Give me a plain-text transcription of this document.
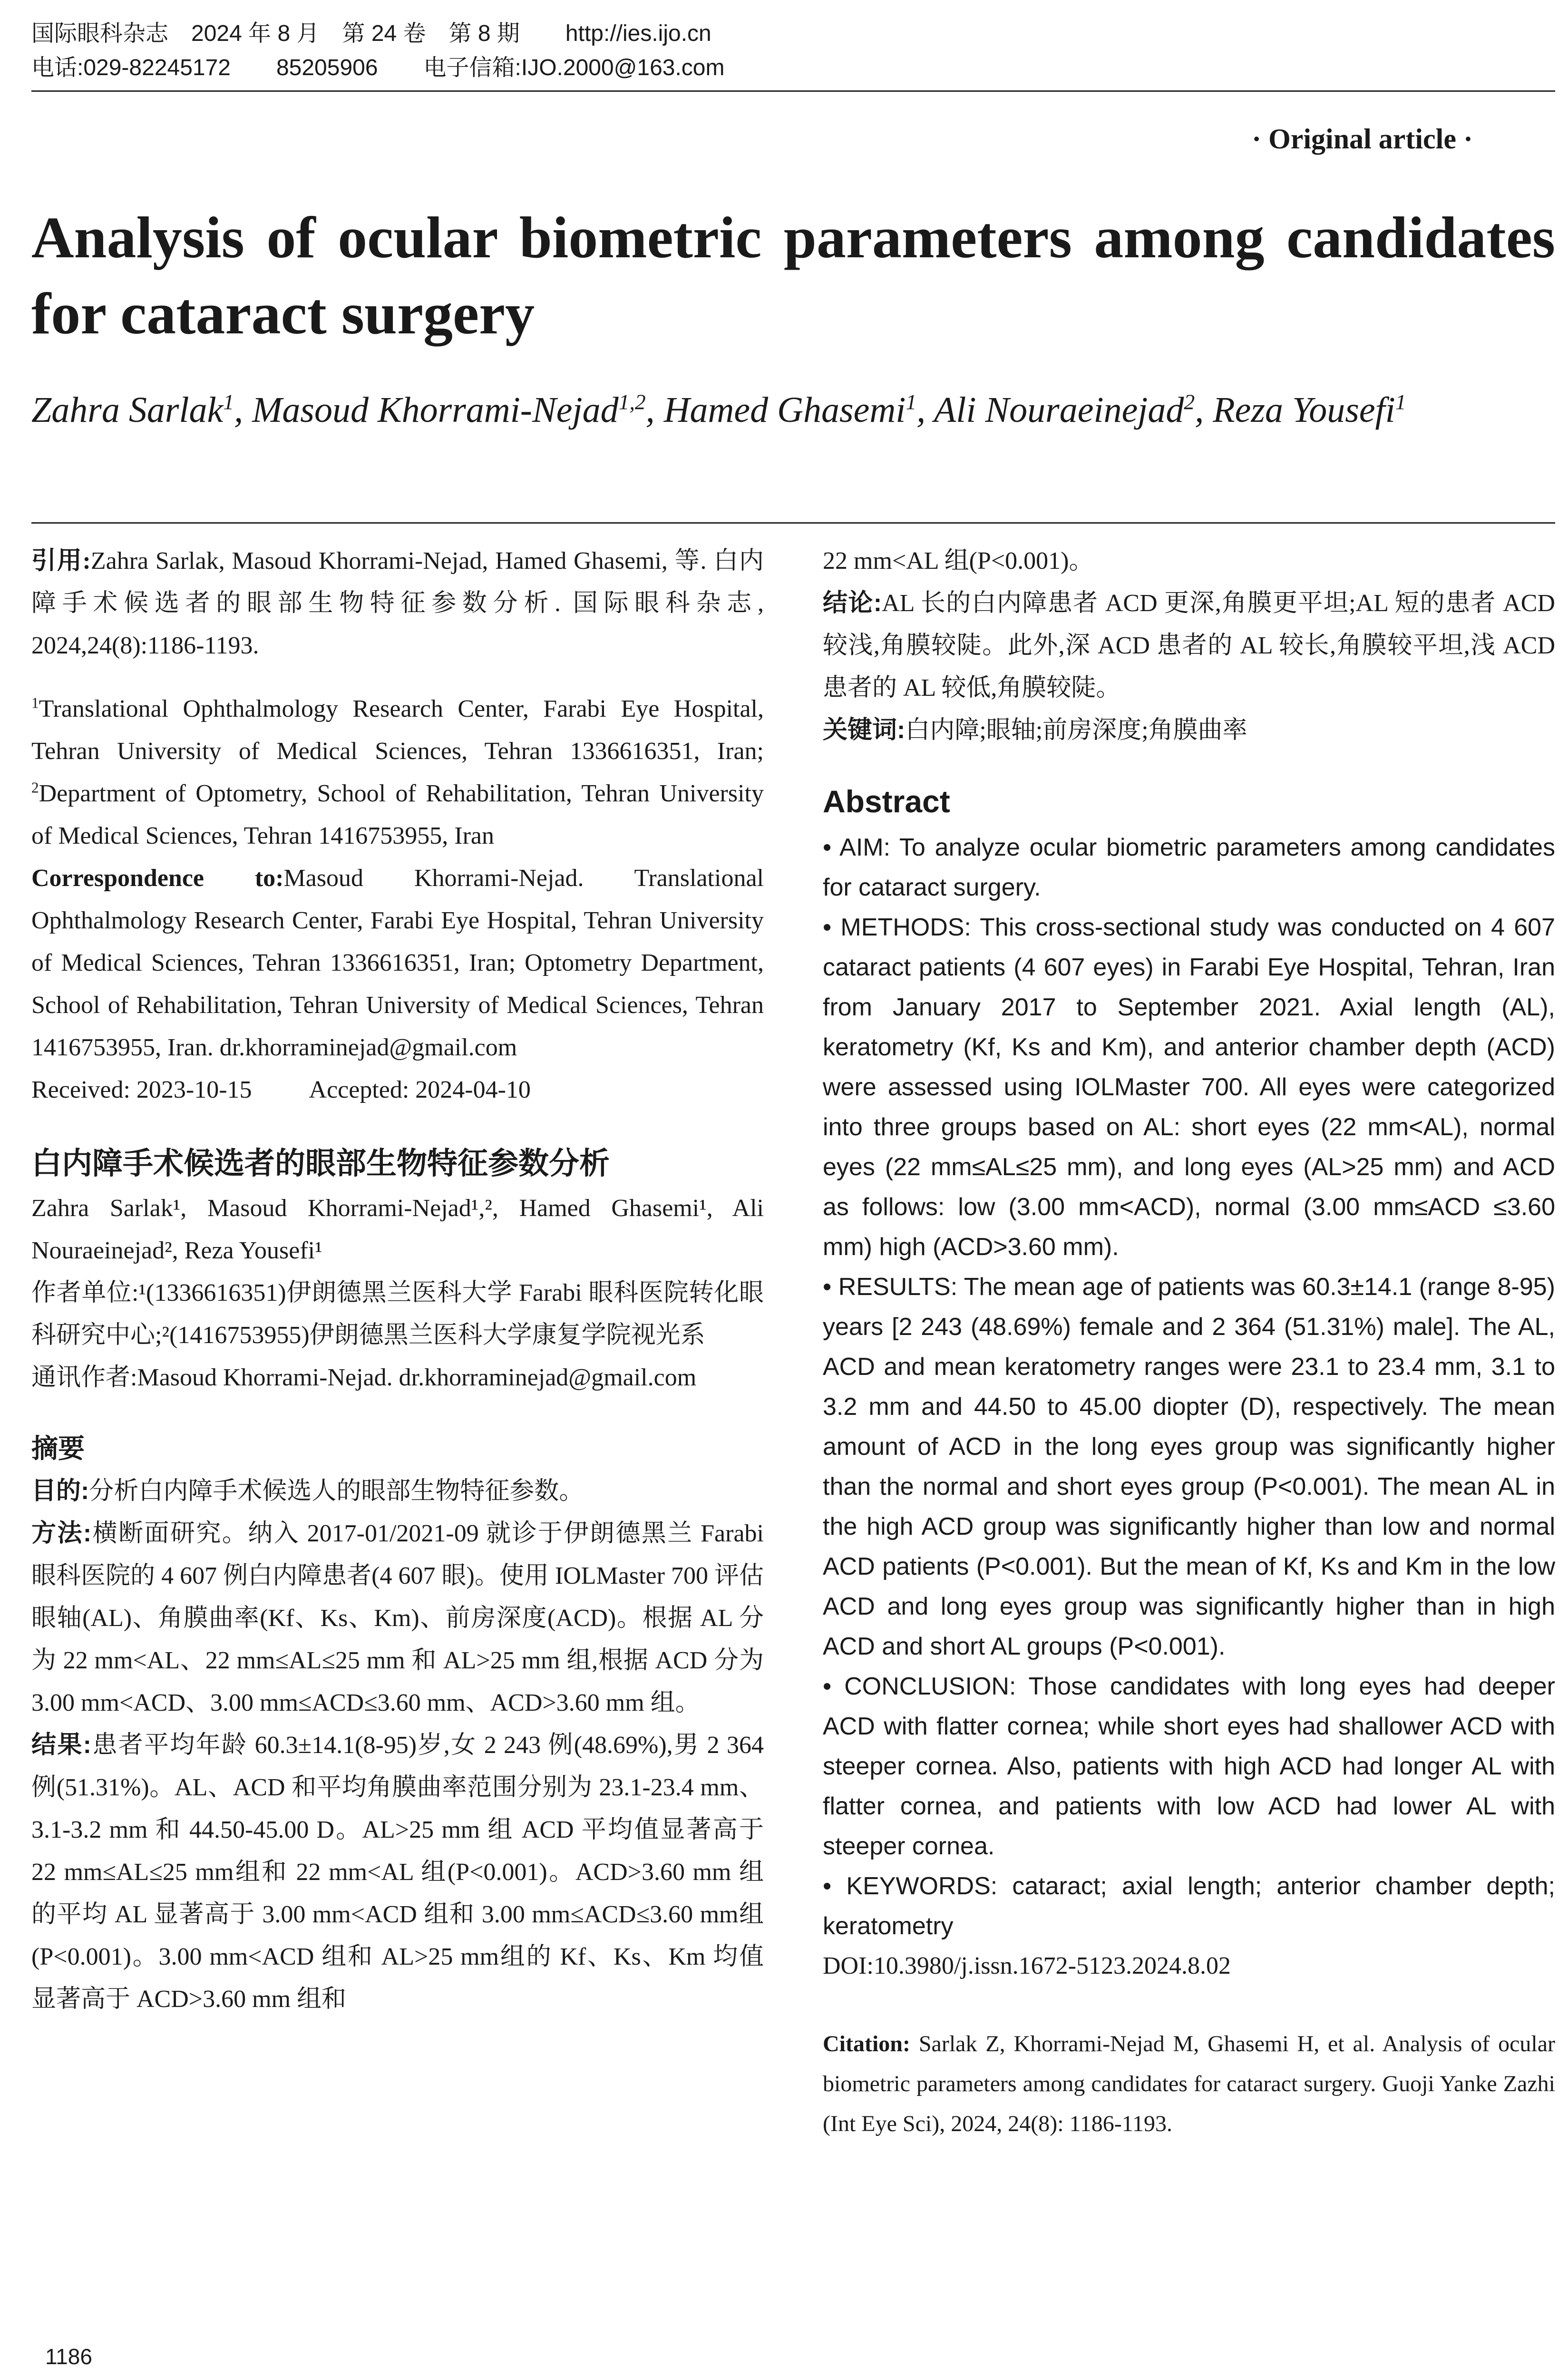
国际眼科杂志　2024 年 8 月　第 24 卷　第 8 期　　http://ies.ijo.cn
电话:029-82245172　　85205906　　电子信箱:IJO.2000@163.com
· Original article ·
Analysis of ocular biometric parameters among candidates for cataract surgery
Zahra Sarlak$^1$, Masoud Khorrami-Nejad$^{1,2}$, Hamed Ghasemi$^1$, Ali Nouraeinejad$^2$, Reza Yousefi$^1$

引用:Zahra Sarlak, Masoud Khorrami-Nejad, Hamed Ghasemi, 等. 白内障手术候选者的眼部生物特征参数分析. 国际眼科杂志, 2024,24(8):1186-1193.

$^1$Translational Ophthalmology Research Center, Farabi Eye Hospital, Tehran University of Medical Sciences, Tehran 1336616351, Iran; $^2$Department of Optometry, School of Rehabilitation, Tehran University of Medical Sciences, Tehran 1416753955, Iran

Correspondence to:Masoud Khorrami-Nejad. Translational Ophthalmology Research Center, Farabi Eye Hospital, Tehran University of Medical Sciences, Tehran 1336616351, Iran; Optometry Department, School of Rehabilitation, Tehran University of Medical Sciences, Tehran 1416753955, Iran. dr.khorraminejad@gmail.com

Received: 2023-10-15 Accepted: 2024-04-10

白内障手术候选者的眼部生物特征参数分析

Zahra Sarlak¹, Masoud Khorrami-Nejad¹,², Hamed Ghasemi¹, Ali Nouraeinejad², Reza Yousefi¹

作者单位:¹(1336616351)伊朗德黑兰医科大学 Farabi 眼科医院转化眼科研究中心;²(1416753955)伊朗德黑兰医科大学康复学院视光系

通讯作者:Masoud Khorrami-Nejad. dr.khorraminejad@gmail.com

摘要

目的:分析白内障手术候选人的眼部生物特征参数。

方法:横断面研究。纳入 2017-01/2021-09 就诊于伊朗德黑兰 Farabi 眼科医院的 4 607 例白内障患者(4 607 眼)。使用 IOLMaster 700 评估眼轴(AL)、角膜曲率(Kf、Ks、Km)、前房深度(ACD)。根据 AL 分为 22 mm<AL、22 mm≤AL≤25 mm 和 AL>25 mm 组,根据 ACD 分为 3.00 mm<ACD、3.00 mm≤ACD≤3.60 mm、ACD>3.60 mm 组。

结果:患者平均年龄 60.3±14.1(8-95)岁,女 2 243 例(48.69%),男 2 364 例(51.31%)。AL、ACD 和平均角膜曲率范围分别为 23.1-23.4 mm、3.1-3.2 mm 和 44.50-45.00 D。AL>25 mm 组 ACD 平均值显著高于 22 mm≤AL≤25 mm组和 22 mm<AL 组(P<0.001)。ACD>3.60 mm 组的平均 AL 显著高于 3.00 mm<ACD 组和 3.00 mm≤ACD≤3.60 mm组(P<0.001)。3.00 mm<ACD 组和 AL>25 mm组的 Kf、Ks、Km 均值显著高于 ACD>3.60 mm 组和

22 mm<AL 组(P<0.001)。

结论:AL 长的白内障患者 ACD 更深,角膜更平坦;AL 短的患者 ACD 较浅,角膜较陡。此外,深 ACD 患者的 AL 较长,角膜较平坦,浅 ACD 患者的 AL 较低,角膜较陡。

关键词:白内障;眼轴;前房深度;角膜曲率

Abstract

• AIM: To analyze ocular biometric parameters among candidates for cataract surgery.

• METHODS: This cross-sectional study was conducted on 4 607 cataract patients (4 607 eyes) in Farabi Eye Hospital, Tehran, Iran from January 2017 to September 2021. Axial length (AL), keratometry (Kf, Ks and Km), and anterior chamber depth (ACD) were assessed using IOLMaster 700. All eyes were categorized into three groups based on AL: short eyes (22 mm<AL), normal eyes (22 mm≤AL≤25 mm), and long eyes (AL>25 mm) and ACD as follows: low (3.00 mm<ACD), normal (3.00 mm≤ACD ≤3.60 mm) high (ACD>3.60 mm).

• RESULTS: The mean age of patients was 60.3±14.1 (range 8-95) years [2 243 (48.69%) female and 2 364 (51.31%) male]. The AL, ACD and mean keratometry ranges were 23.1 to 23.4 mm, 3.1 to 3.2 mm and 44.50 to 45.00 diopter (D), respectively. The mean amount of ACD in the long eyes group was significantly higher than the normal and short eyes group (P<0.001). The mean AL in the high ACD group was significantly higher than low and normal ACD patients (P<0.001). But the mean of Kf, Ks and Km in the low ACD and long eyes group was significantly higher than in high ACD and short AL groups (P<0.001).

• CONCLUSION: Those candidates with long eyes had deeper ACD with flatter cornea; while short eyes had shallower ACD with steeper cornea. Also, patients with high ACD had longer AL with flatter cornea, and patients with low ACD had lower AL with steeper cornea.

• KEYWORDS: cataract; axial length; anterior chamber depth; keratometry

DOI:10.3980/j.issn.1672-5123.2024.8.02

Citation: Sarlak Z, Khorrami-Nejad M, Ghasemi H, et al. Analysis of ocular biometric parameters among candidates for cataract surgery. Guoji Yanke Zazhi (Int Eye Sci), 2024, 24(8): 1186-1193.

1186
